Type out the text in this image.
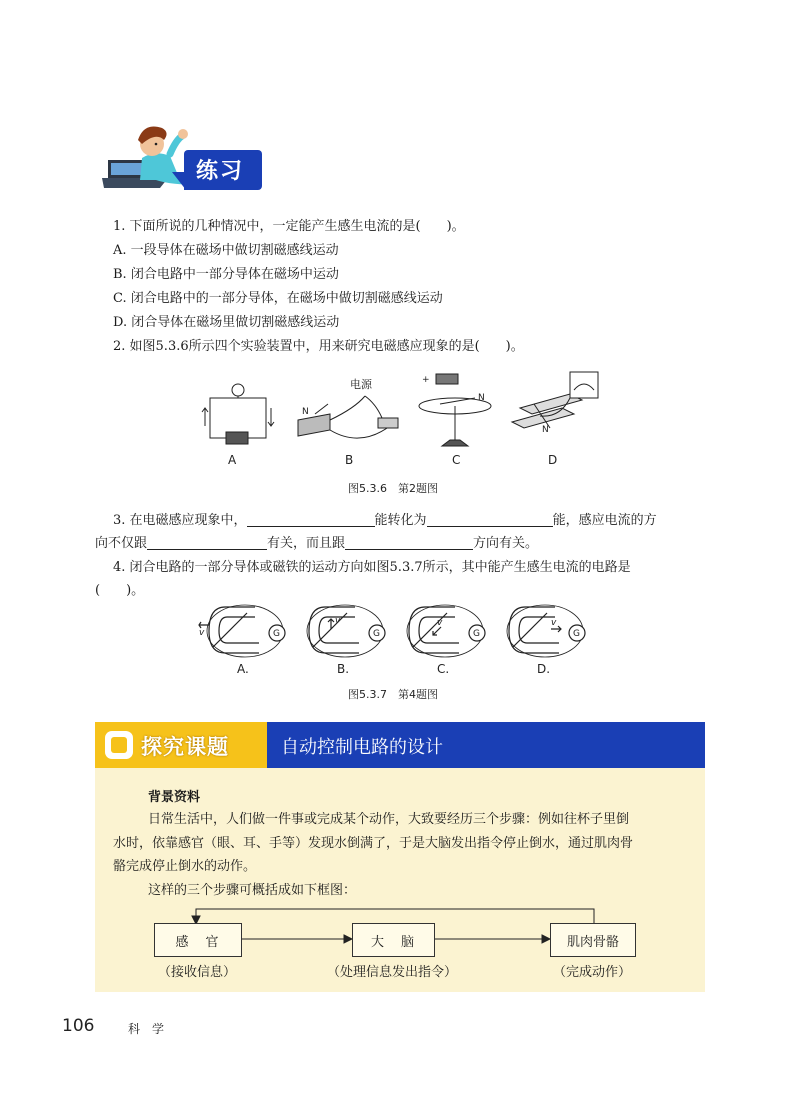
练习
1. 下面所说的几种情况中，一定能产生感生电流的是(　　)。
A. 一段导体在磁场中做切割磁感线运动
B. 闭合电路中一部分导体在磁场中运动
C. 闭合电路中的一部分导体，在磁场中做切割磁感线运动
D. 闭合导体在磁场里做切割磁感线运动
2. 如图5.3.6所示四个实验装置中，用来研究电磁感应现象的是(　　)。
N
电源
N
+
N
A	B	C	D
图5.3.6　第2题图
3. 在电磁感应现象中，	能转化为	能，感应电流的方
向不仅跟	有关，而且跟	方向有关。
4. 闭合电路的一部分导体或磁铁的运动方向如图5.3.7所示，其中能产生感生电流的电路是
(　　)。
G	G	G	G
v
v	v	v
A.	B.	C.	D.
图5.3.7　第4题图
探究课题	自动控制电路的设计
背景资料
日常生活中，人们做一件事或完成某个动作，大致要经历三个步骤：例如往杯子里倒
水时，依靠感官（眼、耳、手等）发现水倒满了，于是大脑发出指令停止倒水，通过肌肉骨
骼完成停止倒水的动作。
这样的三个步骤可概括成如下框图：
感　官	大　脑	肌肉骨骼
（接收信息）	（处理信息发出指令）	（完成动作）
106	科　学
